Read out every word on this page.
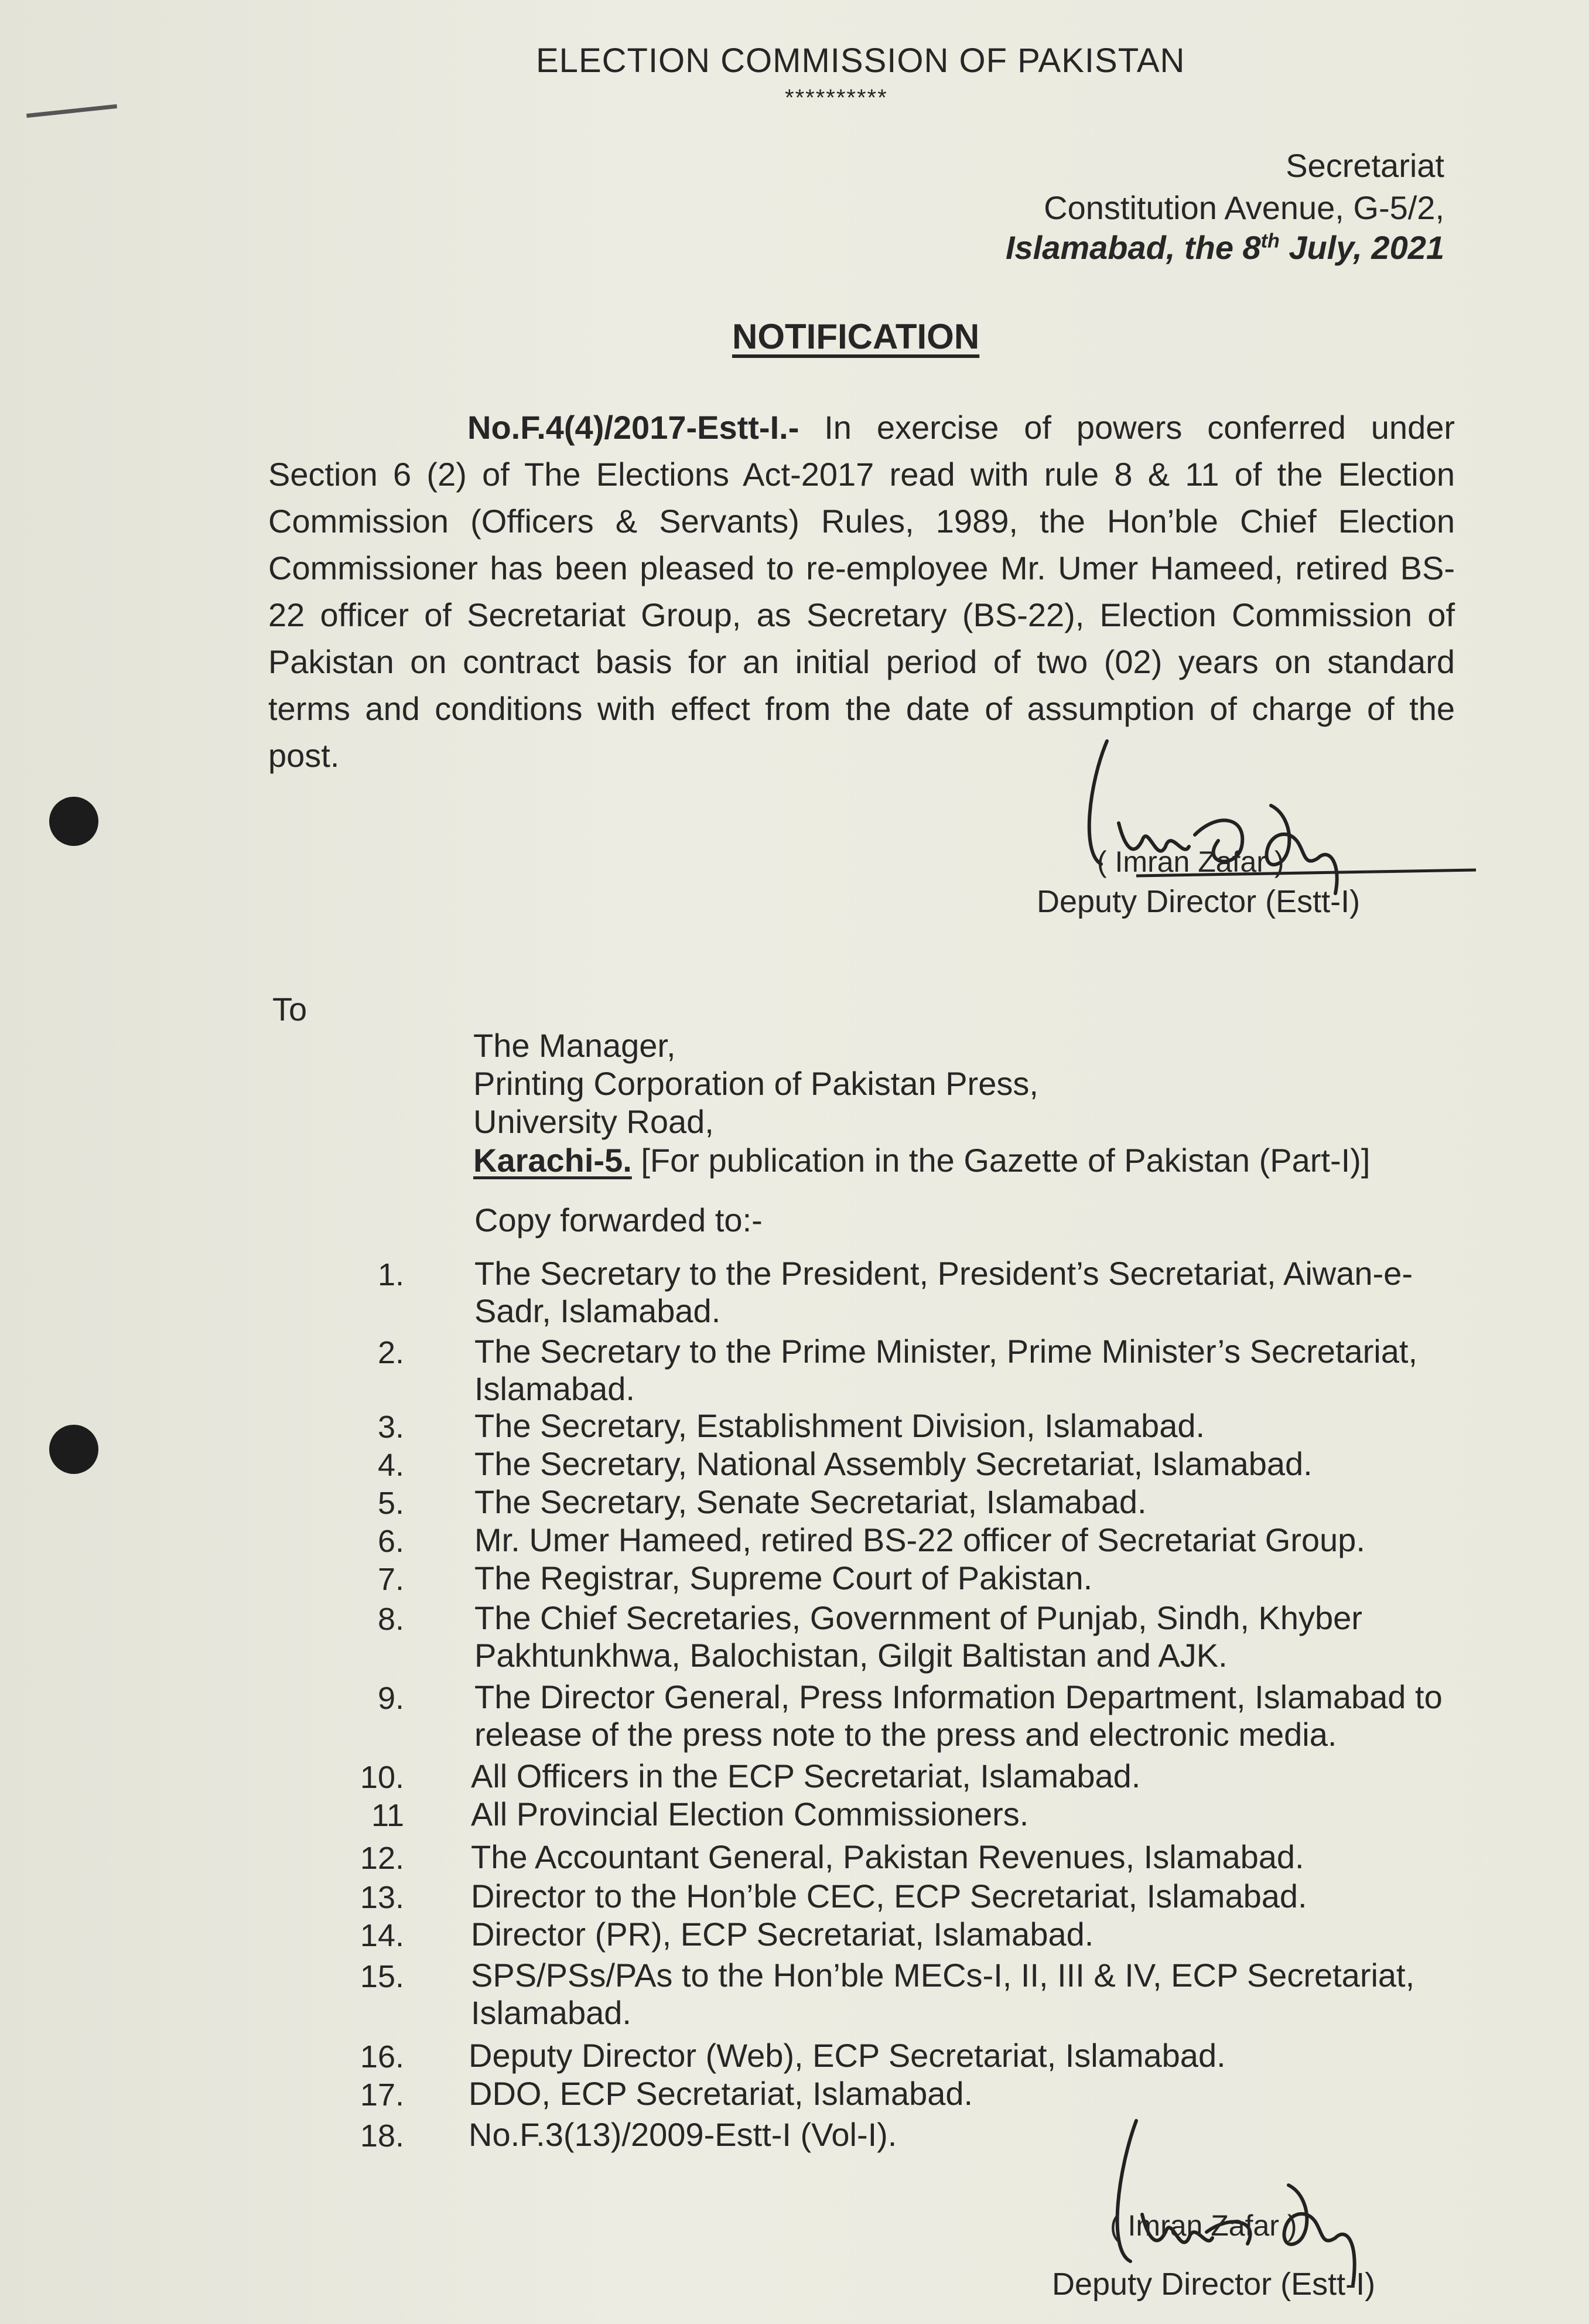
ELECTION COMMISSION OF PAKISTAN
**********
Secretariat
Constitution Avenue, G-5/2,
Islamabad, the 8th July, 2021
NOTIFICATION
No.F.4(4)/2017-Estt-I.- In exercise of powers conferred under Section 6 (2) of The Elections Act-2017 read with rule 8 & 11 of the Election Commission (Officers & Servants) Rules, 1989, the Hon’ble Chief Election Commissioner has been pleased to re-employee Mr. Umer Hameed, retired BS-22 officer of Secretariat Group, as Secretary (BS-22), Election Commission of Pakistan on contract basis for an initial period of two (02) years on standard terms and conditions with effect from the date of assumption of charge of the post.
( Imran Zafar )
Deputy Director (Estt-I)
To
The Manager,
Printing Corporation of Pakistan Press,
University Road,
Karachi-5. [For publication in the Gazette of Pakistan (Part-I)]
Copy forwarded to:-
1. The Secretary to the President, President’s Secretariat, Aiwan-e-Sadr, Islamabad.
2. The Secretary to the Prime Minister, Prime Minister’s Secretariat, Islamabad.
3. The Secretary, Establishment Division, Islamabad.
4. The Secretary, National Assembly Secretariat, Islamabad.
5. The Secretary, Senate Secretariat, Islamabad.
6. Mr. Umer Hameed, retired BS-22 officer of Secretariat Group.
7. The Registrar, Supreme Court of Pakistan.
8. The Chief Secretaries, Government of Punjab, Sindh, Khyber Pakhtunkhwa, Balochistan, Gilgit Baltistan and AJK.
9. The Director General, Press Information Department, Islamabad to release of the press note to the press and electronic media.
10. All Officers in the ECP Secretariat, Islamabad.
11 All Provincial Election Commissioners.
12. The Accountant General, Pakistan Revenues, Islamabad.
13. Director to the Hon’ble CEC, ECP Secretariat, Islamabad.
14. Director (PR), ECP Secretariat, Islamabad.
15. SPS/PSs/PAs to the Hon’ble MECs-I, II, III & IV, ECP Secretariat, Islamabad.
16. Deputy Director (Web), ECP Secretariat, Islamabad.
17. DDO, ECP Secretariat, Islamabad.
18. No.F.3(13)/2009-Estt-I (Vol-I).
( Imran Zafar )
Deputy Director (Estt-I)
